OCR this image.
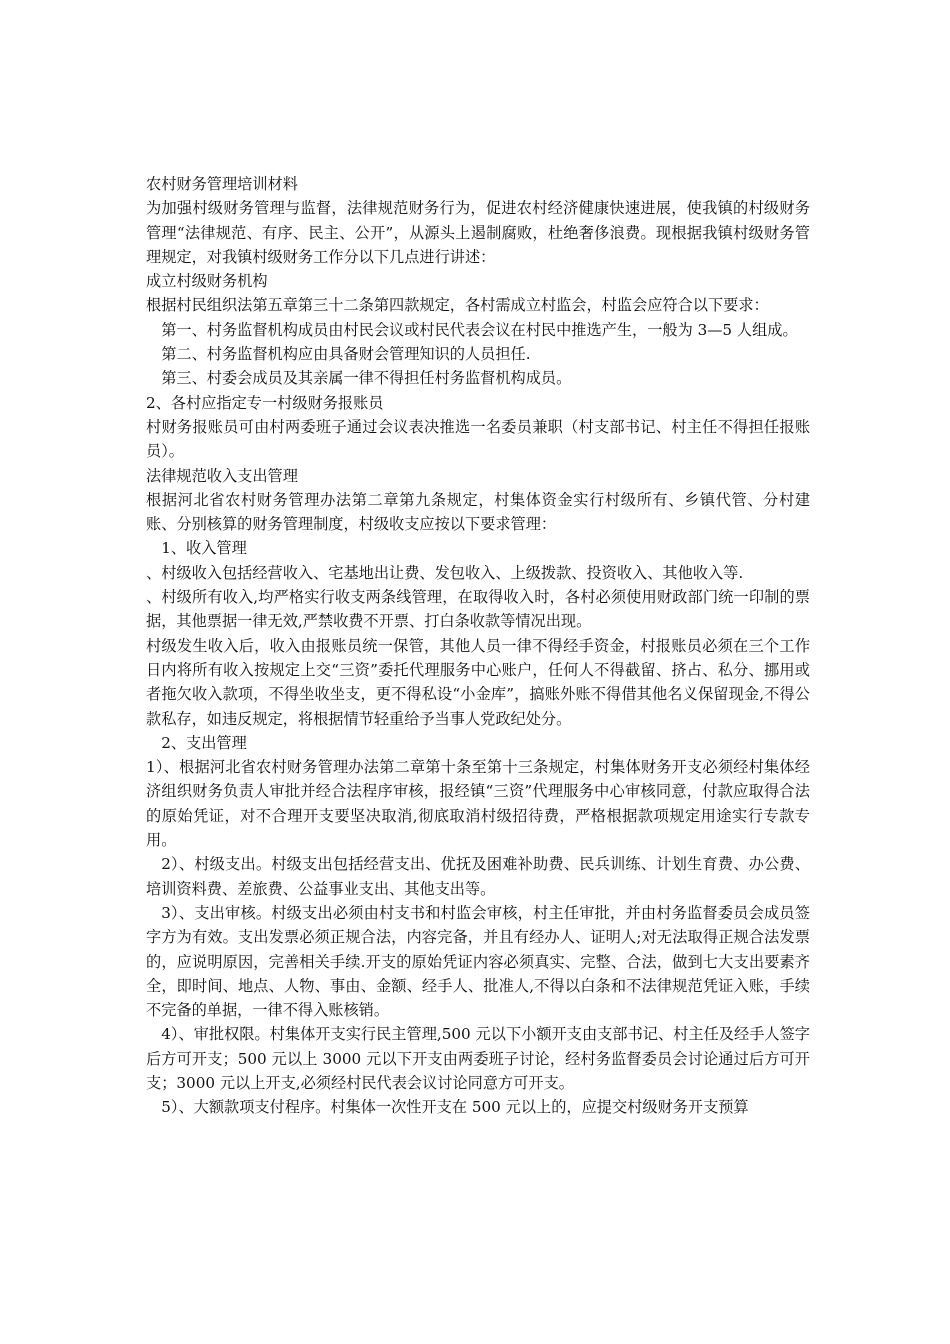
农村财务管理培训材料

为加强村级财务管理与监督，法律规范财务行为，促进农村经济健康快速进展，使我镇的村级财务管理“法律规范、有序、民主、公开”，从源头上遏制腐败，杜绝奢侈浪费。现根据我镇村级财务管理规定，对我镇村级财务工作分以下几点进行讲述：

成立村级财务机构

根据村民组织法第五章第三十二条第四款规定，各村需成立村监会，村监会应符合以下要求：

第一、村务监督机构成员由村民会议或村民代表会议在村民中推选产生，一般为 3—5 人组成。

第二、村务监督机构应由具备财会管理知识的人员担任.

第三、村委会成员及其亲属一律不得担任村务监督机构成员。

2、各村应指定专一村级财务报账员

村财务报账员可由村两委班子通过会议表决推选一名委员兼职（村支部书记、村主任不得担任报账员）。

法律规范收入支出管理

根据河北省农村财务管理办法第二章第九条规定，村集体资金实行村级所有、乡镇代管、分村建账、分别核算的财务管理制度，村级收支应按以下要求管理：

1、收入管理

、村级收入包括经营收入、宅基地出让费、发包收入、上级拨款、投资收入、其他收入等.

、村级所有收入,均严格实行收支两条线管理，在取得收入时，各村必须使用财政部门统一印制的票据，其他票据一律无效,严禁收费不开票、打白条收款等情况出现。

村级发生收入后，收入由报账员统一保管，其他人员一律不得经手资金，村报账员必须在三个工作日内将所有收入按规定上交“三资”委托代理服务中心账户，任何人不得截留、挤占、私分、挪用或者拖欠收入款项，不得坐收坐支，更不得私设“小金库”，搞账外账不得借其他名义保留现金,不得公款私存，如违反规定，将根据情节轻重给予当事人党政纪处分。

2、支出管理

1）、根据河北省农村财务管理办法第二章第十条至第十三条规定，村集体财务开支必须经村集体经济组织财务负责人审批并经合法程序审核，报经镇“三资”代理服务中心审核同意，付款应取得合法的原始凭证，对不合理开支要坚决取消,彻底取消村级招待费，严格根据款项规定用途实行专款专用。

2）、村级支出。村级支出包括经营支出、优抚及困难补助费、民兵训练、计划生育费、办公费、培训资料费、差旅费、公益事业支出、其他支出等。

3）、支出审核。村级支出必须由村支书和村监会审核，村主任审批，并由村务监督委员会成员签字方为有效。支出发票必须正规合法，内容完备，并且有经办人、证明人;对无法取得正规合法发票的，应说明原因，完善相关手续.开支的原始凭证内容必须真实、完整、合法，做到七大支出要素齐全，即时间、地点、人物、事由、金额、经手人、批准人,不得以白条和不法律规范凭证入账，手续不完备的单据，一律不得入账核销。

4）、审批权限。村集体开支实行民主管理,500 元以下小额开支由支部书记、村主任及经手人签字后方可开支；500 元以上 3000 元以下开支由两委班子讨论，经村务监督委员会讨论通过后方可开支；3000 元以上开支,必须经村民代表会议讨论同意方可开支。

5）、大额款项支付程序。村集体一次性开支在 500 元以上的，应提交村级财务开支预算
